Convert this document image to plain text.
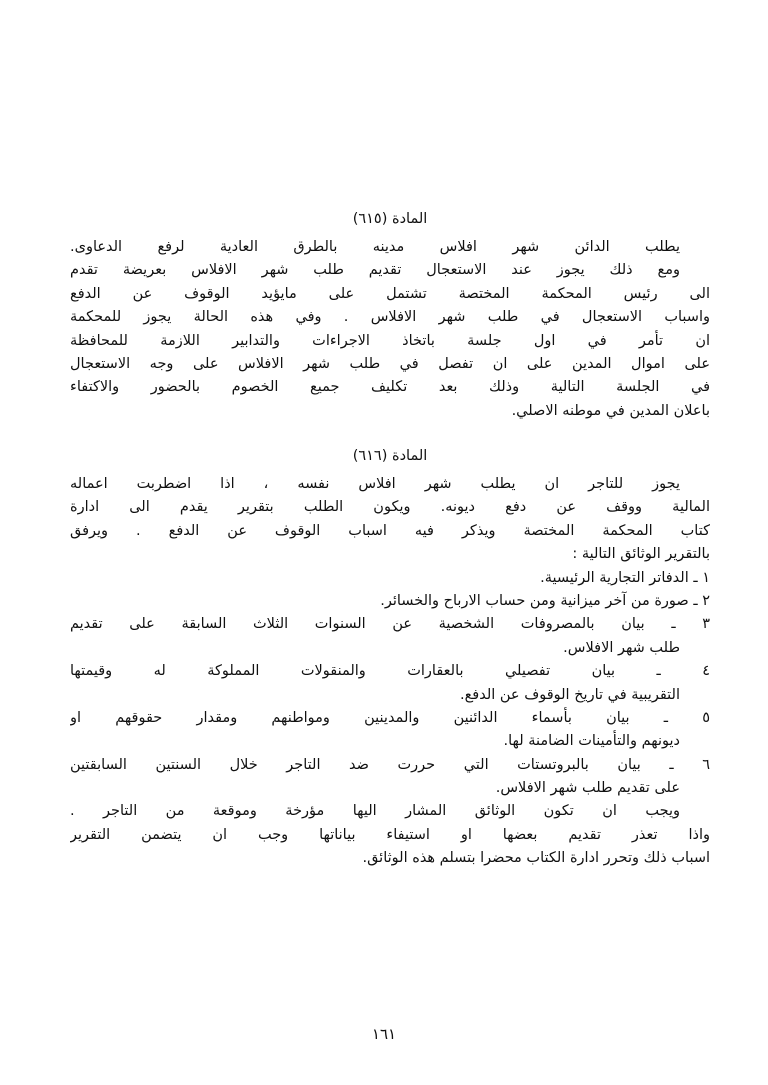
المادة (٦١٥)
يطلب الدائن شهر افلاس مدينه بالطرق العادية لرفع الدعاوى.
ومع ذلك يجوز عند الاستعجال تقديم طلب شهر الافلاس بعريضة تقدم
الى رئيس المحكمة المختصة تشتمل على مايؤيد الوقوف عن الدفع
واسباب الاستعجال في طلب شهر الافلاس . وفي هذه الحالة يجوز للمحكمة
ان تأمر في اول جلسة باتخاذ الاجراءات والتدابير اللازمة للمحافظة
على اموال المدين على ان تفصل في طلب شهر الافلاس على وجه الاستعجال
في الجلسة التالية وذلك بعد تكليف جميع الخصوم بالحضور والاكتفاء
باعلان المدين في موطنه الاصلي.
المادة (٦١٦)
يجوز للتاجر ان يطلب شهر افلاس نفسه ، اذا اضطربت اعماله
المالية ووقف عن دفع ديونه. ويكون الطلب بتقرير يقدم الى ادارة
كتاب المحكمة المختصة ويذكر فيه اسباب الوقوف عن الدفع . ويرفق
بالتقرير الوثائق التالية :
١ ـ الدفاتر التجارية الرئيسية.
٢ ـ صورة من آخر ميزانية ومن حساب الارباح والخسائر.
٣ ـ بيان بالمصروفات الشخصية عن السنوات الثلاث السابقة على تقديم
طلب شهر الافلاس.
٤ ـ بيان تفصيلي بالعقارات والمنقولات المملوكة له وقيمتها
التقريبية في تاريخ الوقوف عن الدفع.
٥ ـ بيان بأسماء الدائنين والمدينين ومواطنهم ومقدار حقوقهم او
ديونهم والتأمينات الضامنة لها.
٦ ـ بيان بالبروتستات التي حررت ضد التاجر خلال السنتين السابقتين
على تقديم طلب شهر الافلاس.
ويجب ان تكون الوثائق المشار اليها مؤرخة وموقعة من التاجر .
واذا تعذر تقديم بعضها او استيفاء بياناتها وجب ان يتضمن التقرير
اسباب ذلك وتحرر ادارة الكتاب محضرا بتسلم هذه الوثائق.
١٦١
